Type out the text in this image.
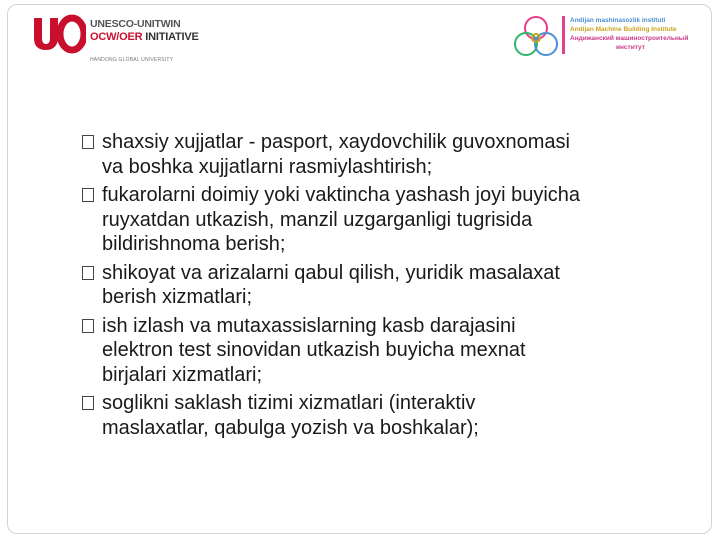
UNESCO-UNITWIN
OCW/OER INITIATIVE
HANDONG GLOBAL UNIVERSITY
Andijan mashinasozlik instituti
Andijan Machine Building Institute
Андижанский машиностроительный
институт
shaxsiy xujjatlar - pasport, xaydovchilik guvoxnomasi
va boshka xujjatlarni rasmiylashtirish;
fukarolarni doimiy yoki vaktincha yashash joyi buyicha
ruyxatdan utkazish, manzil uzgarganligi tugrisida
bildirishnoma berish;
shikoyat va arizalarni qabul qilish, yuridik masalaxat
berish xizmatlari;
ish izlash va mutaxassislarning kasb darajasini
elektron test sinovidan utkazish buyicha mexnat
birjalari xizmatlari;
soglikni saklash tizimi xizmatlari (interaktiv
maslaxatlar, qabulga yozish va boshkalar);
